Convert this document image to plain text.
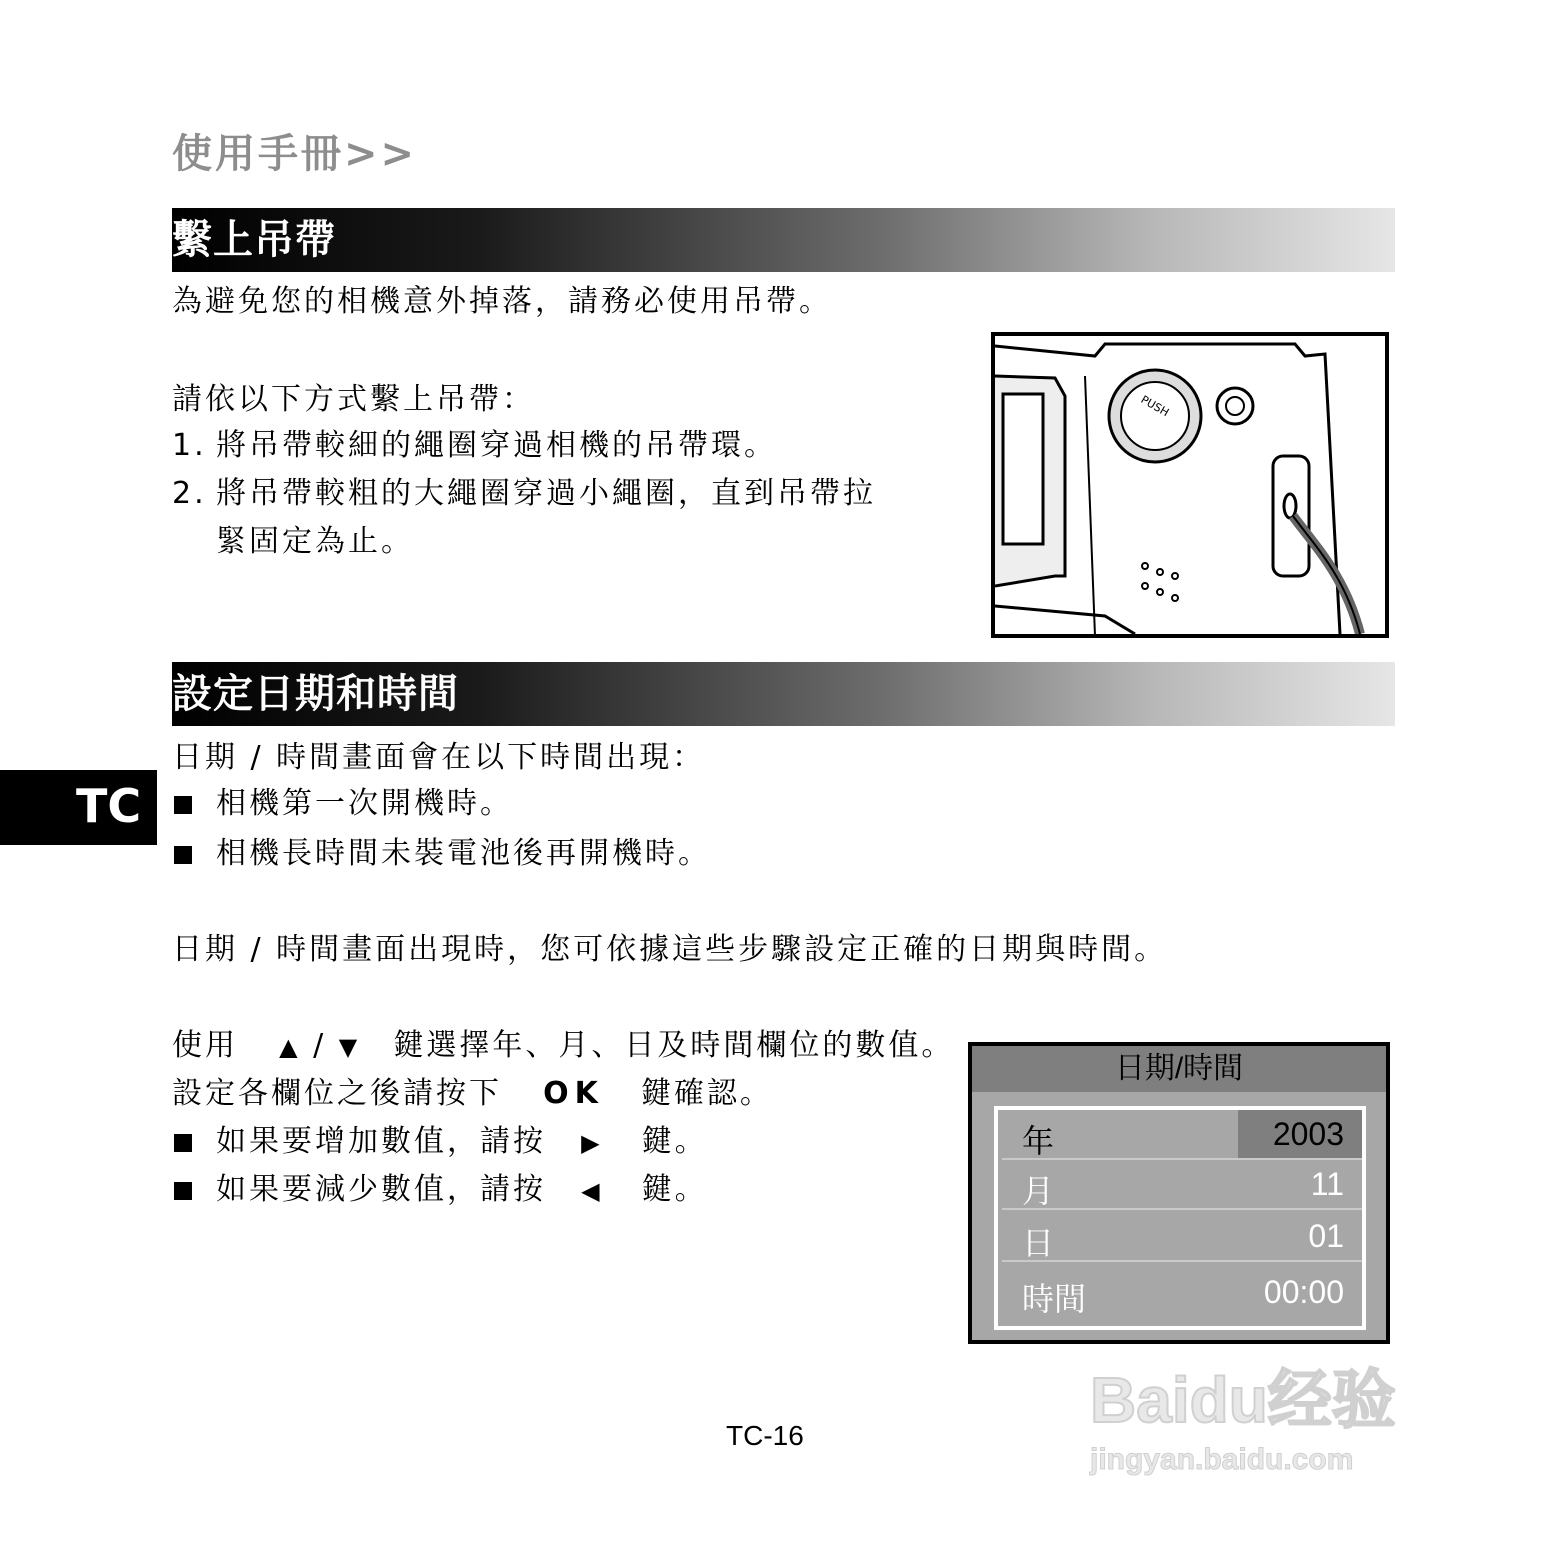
使用手冊>>
繫上吊帶
為避免您的相機意外掉落，請務必使用吊帶。
請依以下方式繫上吊帶：
1. 將吊帶較細的繩圈穿過相機的吊帶環。
2. 將吊帶較粗的大繩圈穿過小繩圈，直到吊帶拉
緊固定為止。
PUSH
設定日期和時間
TC
日期 / 時間畫面會在以下時間出現：
相機第一次開機時。
相機長時間未裝電池後再開機時。
日期 / 時間畫面出現時，您可依據這些步驟設定正確的日期與時間。
使用 ▲ / ▼ 鍵選擇年、月、日及時間欄位的數值。
設定各欄位之後請按下 OK 鍵確認。
如果要增加數值，請按 ▶ 鍵。
如果要減少數值，請按 ◀ 鍵。
日期/時間
年	2003
月	11
日	01
時間	00:00
TC-16	Baidu经验
jingyan.baidu.com
